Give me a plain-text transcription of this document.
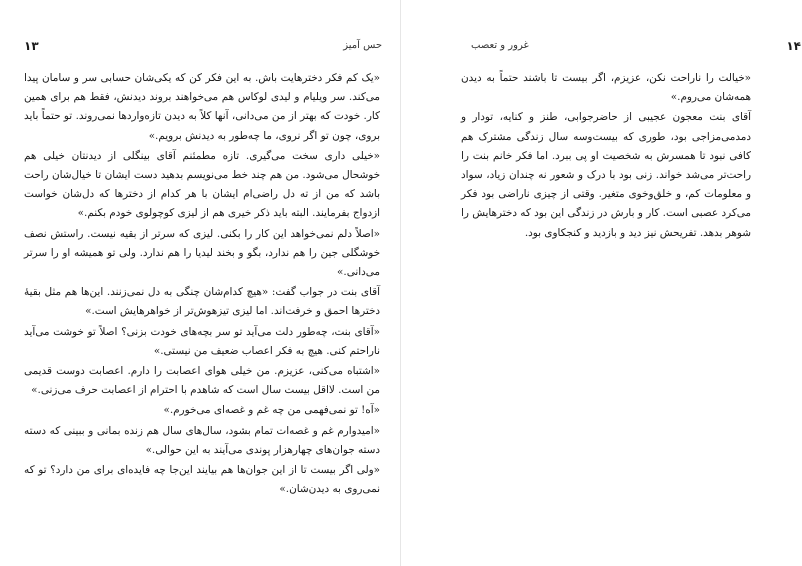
۱۳	حس آمیز

«یک کم فکر دخترهایت باش. به این فکر کن که یکی‌شان حسابی سر و سامان پیدا می‌کند. سر ویلیام و لیدی لوکاس هم می‌خواهند بروند دیدنش، فقط هم برای همین کار. خودت که بهتر از من می‌دانی، آنها کلاً به دیدن تازه‌واردها نمی‌روند. تو حتماً باید بروی، چون تو اگر نروی، ما چه‌طور به دیدنش برویم.»

«خیلی داری سخت می‌گیری. تازه مطمئنم آقای بینگلی از دیدنتان خیلی هم خوشحال می‌شود. من هم چند خط می‌نویسم بدهید دست ایشان تا خیال‌شان راحت باشد که من از ته دل راضی‌ام ایشان با هر کدام از دخترها که دل‌شان خواست ازدواج بفرمایند. البته باید ذکر خیری هم از لیزی کوچولوی خودم بکنم.»

«اصلاً دلم نمی‌خواهد این کار را بکنی. لیزی که سرتر از بقیه نیست. راستش نصف خوشگلی جین را هم ندارد، بگو و بخند لیدیا را هم ندارد. ولی تو همیشه او را سرتر می‌دانی.»

آقای بنت در جواب گفت: «هیچ کدام‌شان چنگی به دل نمی‌زنند. این‌ها هم مثل بقیهٔ دخترها احمق و خرفت‌اند. اما لیزی تیزهوش‌تر از خواهرهایش است.»

«آقای بنت، چه‌طور دلت می‌آید تو سر بچه‌های خودت بزنی؟ اصلاً تو خوشت می‌آید ناراحتم کنی. هیچ به فکر اعصاب ضعیف من نیستی.»

«اشتباه می‌کنی، عزیزم. من خیلی هوای اعصابت را دارم. اعصابت دوست قدیمی من است. لااقل بیست سال است که شاهدم با احترام از اعصابت حرف می‌زنی.»

«آه! تو نمی‌فهمی من چه غم و غصه‌ای می‌خورم.»

«امیدوارم غم و غصه‌ات تمام بشود، سال‌های سال هم زنده بمانی و ببینی که دسته دسته جوان‌های چهارهزار پوندی می‌آیند به این حوالی.»

«ولی اگر بیست تا از این جوان‌ها هم بیایند این‌جا چه فایده‌ای برای من دارد؟ تو که نمی‌روی به دیدن‌شان.»

غرور و تعصب	۱۴

«خیالت را ناراحت نکن، عزیزم، اگر بیست تا باشند حتماً به دیدن همه‌شان می‌روم.»

آقای بنت معجون عجیبی از حاضرجوابی، طنز و کنایه، تودار و دمدمی‌مزاجی بود، طوری که بیست‌وسه سال زندگی مشترک هم کافی نبود تا همسرش به شخصیت او پی ببرد. اما فکر خانم بنت را راحت‌تر می‌شد خواند. زنی بود با درک و شعور نه چندان زیاد، سواد و معلومات کم، و خلق‌وخوی متغیر. وقتی از چیزی ناراضی بود فکر می‌کرد عصبی است. کار و بارش در زندگی این بود که دخترهایش را شوهر بدهد. تفریحش نیز دید و بازدید و کنجکاوی بود.
